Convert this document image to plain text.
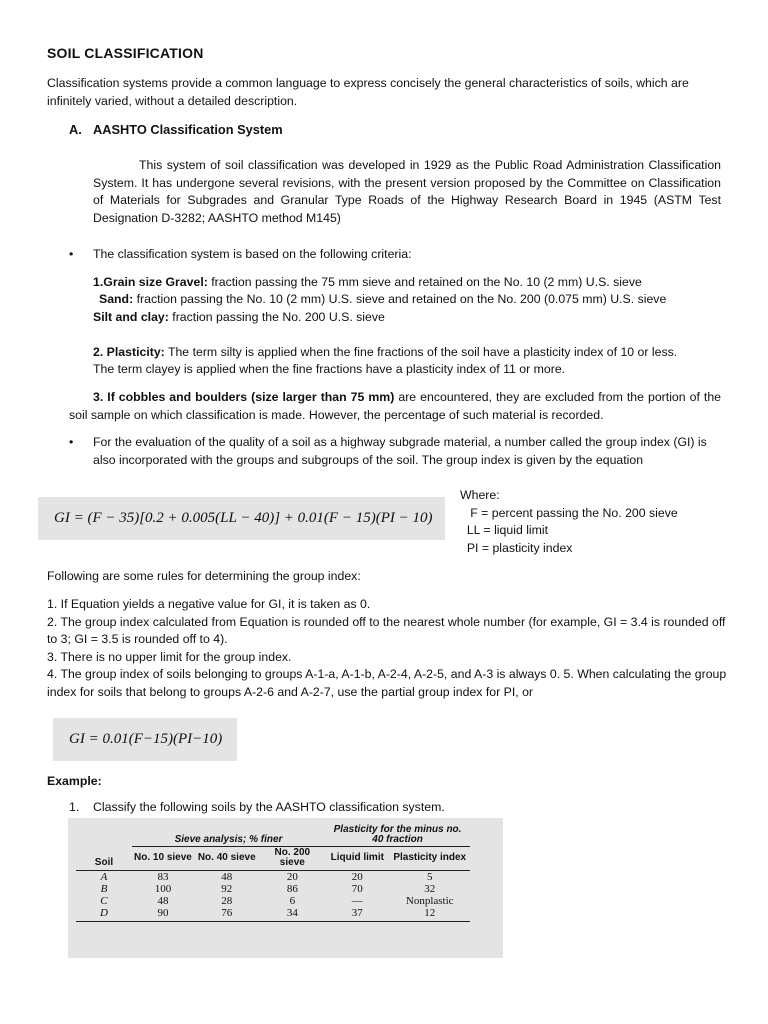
SOIL CLASSIFICATION
Classification systems provide a common language to express concisely the general characteristics of soils, which are infinitely varied, without a detailed description.
A. AASHTO Classification System
This system of soil classification was developed in 1929 as the Public Road Administration Classification System. It has undergone several revisions, with the present version proposed by the Committee on Classification of Materials for Subgrades and Granular Type Roads of the Highway Research Board in 1945 (ASTM Test Designation D-3282; AASHTO method M145)
•	The classification system is based on the following criteria:
1.Grain size Gravel: fraction passing the 75 mm sieve and retained on the No. 10 (2 mm) U.S. sieve
Sand: fraction passing the No. 10 (2 mm) U.S. sieve and retained on the No. 200 (0.075 mm) U.S. sieve
Silt and clay: fraction passing the No. 200 U.S. sieve
2. Plasticity: The term silty is applied when the fine fractions of the soil have a plasticity index of 10 or less.
The term clayey is applied when the fine fractions have a plasticity index of 11 or more.
3. If cobbles and boulders (size larger than 75 mm) are encountered, they are excluded from the portion of the soil sample on which classification is made. However, the percentage of such material is recorded.
•	For the evaluation of the quality of a soil as a highway subgrade material, a number called the group index (GI) is also incorporated with the groups and subgroups of the soil. The group index is given by the equation
GI = (F − 35)[0.2 + 0.005(LL − 40)] + 0.01(F − 15)(PI − 10)
Where:
F = percent passing the No. 200 sieve
LL = liquid limit
PI = plasticity index
Following are some rules for determining the group index:
1. If Equation yields a negative value for GI, it is taken as 0.
2. The group index calculated from Equation is rounded off to the nearest whole number (for example, GI = 3.4 is rounded off to 3; GI = 3.5 is rounded off to 4).
3. There is no upper limit for the group index.
4. The group index of soils belonging to groups A-1-a, A-1-b, A-2-4, A-2-5, and A-3 is always 0. 5. When calculating the group index for soils that belong to groups A-2-6 and A-2-7, use the partial group index for PI, or
GI = 0.01(F−15)(PI−10)
Example:
1. Classify the following soils by the AASHTO classification system.
	Sieve analysis; % finer			Plasticity for the minus no. 40 fraction	
Soil	No. 10 sieve	No. 40 sieve	No. 200 sieve	Liquid limit	Plasticity index
A	83	48	20	20	5
B	100	92	86	70	32
C	48	28	6	—	Nonplastic
D	90	76	34	37	12
